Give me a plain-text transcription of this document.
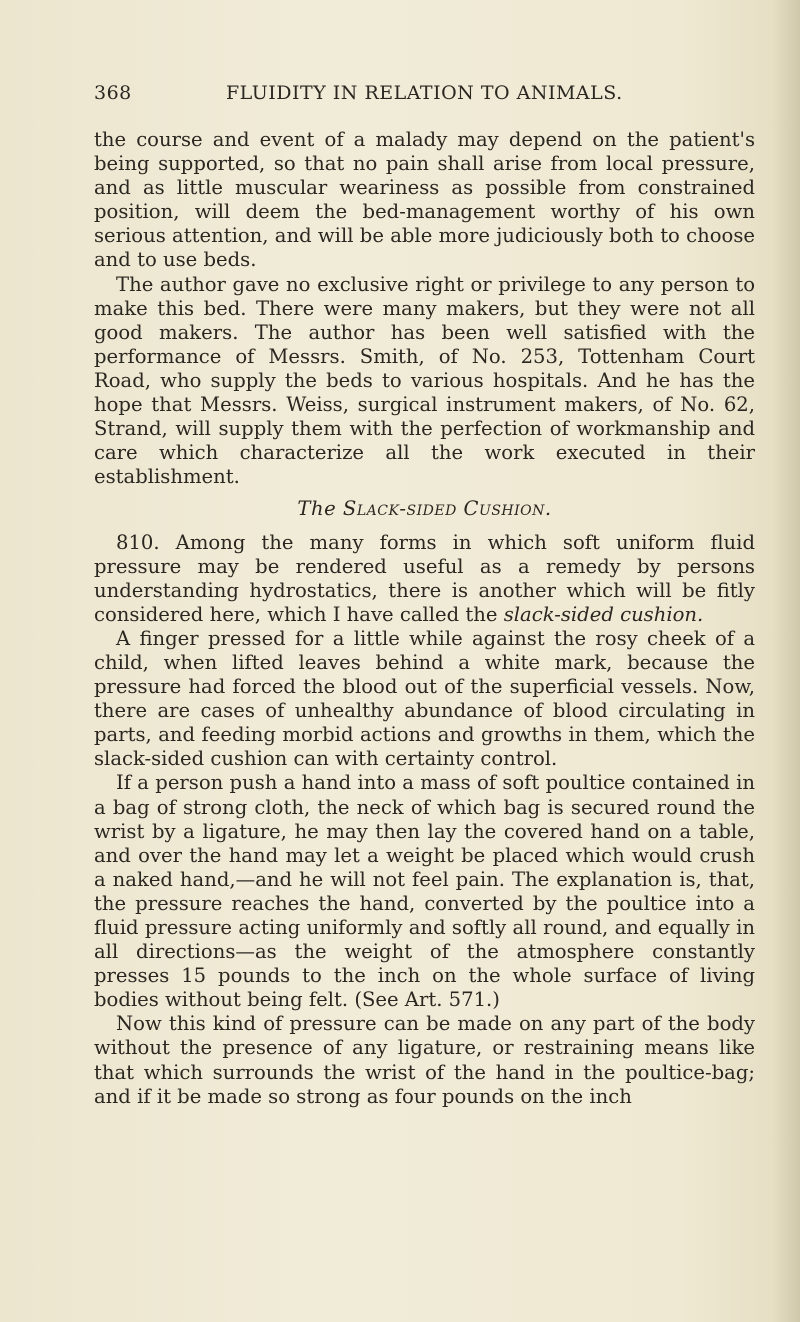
368	FLUIDITY IN RELATION TO ANIMALS.

the course and event of a malady may depend on the patient's being supported, so that no pain shall arise from local pressure, and as little muscular weariness as possible from constrained position, will deem the bed-management worthy of his own serious attention, and will be able more judiciously both to choose and to use beds.

The author gave no exclusive right or privilege to any person to make this bed. There were many makers, but they were not all good makers. The author has been well satisfied with the performance of Messrs. Smith, of No. 253, Tottenham Court Road, who supply the beds to various hospitals. And he has the hope that Messrs. Weiss, surgical instrument makers, of No. 62, Strand, will supply them with the perfection of workmanship and care which characterize all the work executed in their establishment.

The Slack-sided Cushion.

810. Among the many forms in which soft uniform fluid pressure may be rendered useful as a remedy by persons understanding hydrostatics, there is another which will be fitly considered here, which I have called the slack-sided cushion.

A finger pressed for a little while against the rosy cheek of a child, when lifted leaves behind a white mark, because the pressure had forced the blood out of the superficial vessels. Now, there are cases of unhealthy abundance of blood circulating in parts, and feeding morbid actions and growths in them, which the slack-sided cushion can with certainty control.

If a person push a hand into a mass of soft poultice contained in a bag of strong cloth, the neck of which bag is secured round the wrist by a ligature, he may then lay the covered hand on a table, and over the hand may let a weight be placed which would crush a naked hand,—and he will not feel pain. The explanation is, that, the pressure reaches the hand, converted by the poultice into a fluid pressure acting uniformly and softly all round, and equally in all directions—as the weight of the atmosphere constantly presses 15 pounds to the inch on the whole surface of living bodies without being felt. (See Art. 571.)

Now this kind of pressure can be made on any part of the body without the presence of any ligature, or restraining means like that which surrounds the wrist of the hand in the poultice-bag; and if it be made so strong as four pounds on the inch
